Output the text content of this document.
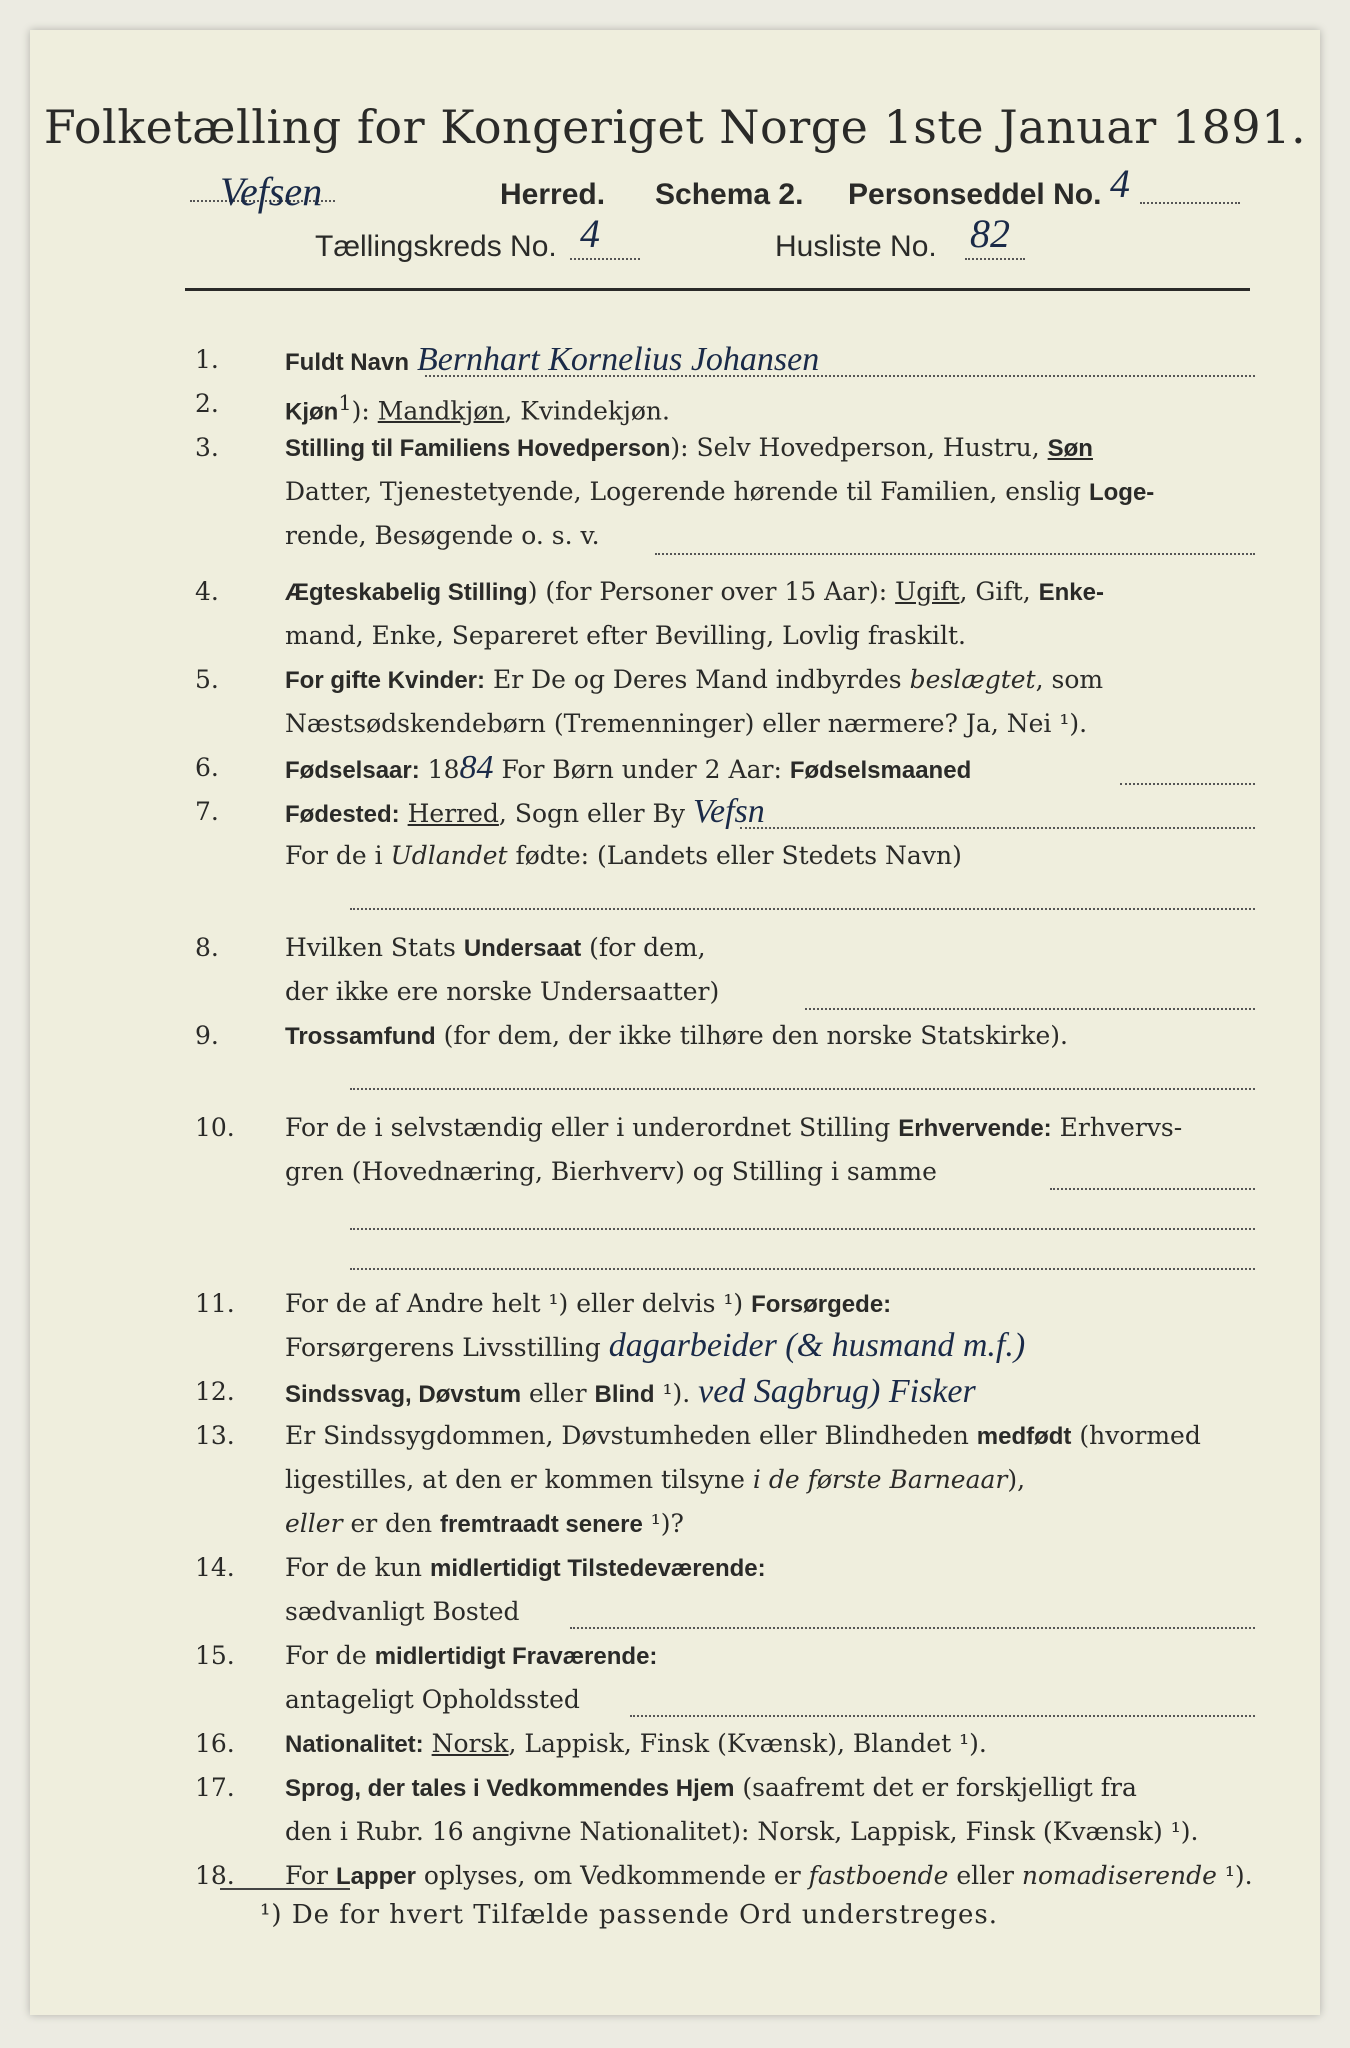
Folketælling for Kongeriget Norge 1ste Januar 1891.
Vefsen	Herred. Schema 2. Personseddel No. 4
Tællingskreds No. 4	Husliste No. 82
1.	Fuldt Navn Bernhart Kornelius Johansen
2.	Kjøn$^1$): Mandkjøn, Kvindekjøn.
3.	Stilling til Familiens Hovedperson): Selv Hovedperson, Hustru, Søn
Datter, Tjenestetyende, Logerende hørende til Familien, enslig Loge-
rende, Besøgende o. s. v.
4.	Ægteskabelig Stilling) (for Personer over 15 Aar): Ugift, Gift, Enke-
mand, Enke, Separeret efter Bevilling, Lovlig fraskilt.
5.	For gifte Kvinder: Er De og Deres Mand indbyrdes beslægtet, som
Næstsødskendebørn (Tremenninger) eller nærmere? Ja, Nei ¹).
6.	Fødselsaar: 1884 For Børn under 2 Aar: Fødselsmaaned
7.	Fødested: Herred, Sogn eller By Vefsn
For de i Udlandet fødte: (Landets eller Stedets Navn)
8.	Hvilken Stats Undersaat (for dem,
der ikke ere norske Undersaatter)
9.	Trossamfund (for dem, der ikke tilhøre den norske Statskirke).
10.	For de i selvstændig eller i underordnet Stilling Erhvervende: Erhvervs-
gren (Hovednæring, Bierhverv) og Stilling i samme
11.	For de af Andre helt ¹) eller delvis ¹) Forsørgede:
Forsørgerens Livsstilling dagarbeider (& husmand m.f.)
12.	Sindssvag, Døvstum eller Blind ¹). ved Sagbrug) Fisker
13.	Er Sindssygdommen, Døvstumheden eller Blindheden medfødt (hvormed
ligestilles, at den er kommen tilsyne i de første Barneaar),
eller er den fremtraadt senere ¹)?
14.	For de kun midlertidigt Tilstedeværende:
sædvanligt Bosted
15.	For de midlertidigt Fraværende:
antageligt Opholdssted
16.	Nationalitet: Norsk, Lappisk, Finsk (Kvænsk), Blandet ¹).
17.	Sprog, der tales i Vedkommendes Hjem (saafremt det er forskjelligt fra
den i Rubr. 16 angivne Nationalitet): Norsk, Lappisk, Finsk (Kvænsk) ¹).
18.	For Lapper oplyses, om Vedkommende er fastboende eller nomadiserende ¹).
¹) De for hvert Tilfælde passende Ord understreges.
